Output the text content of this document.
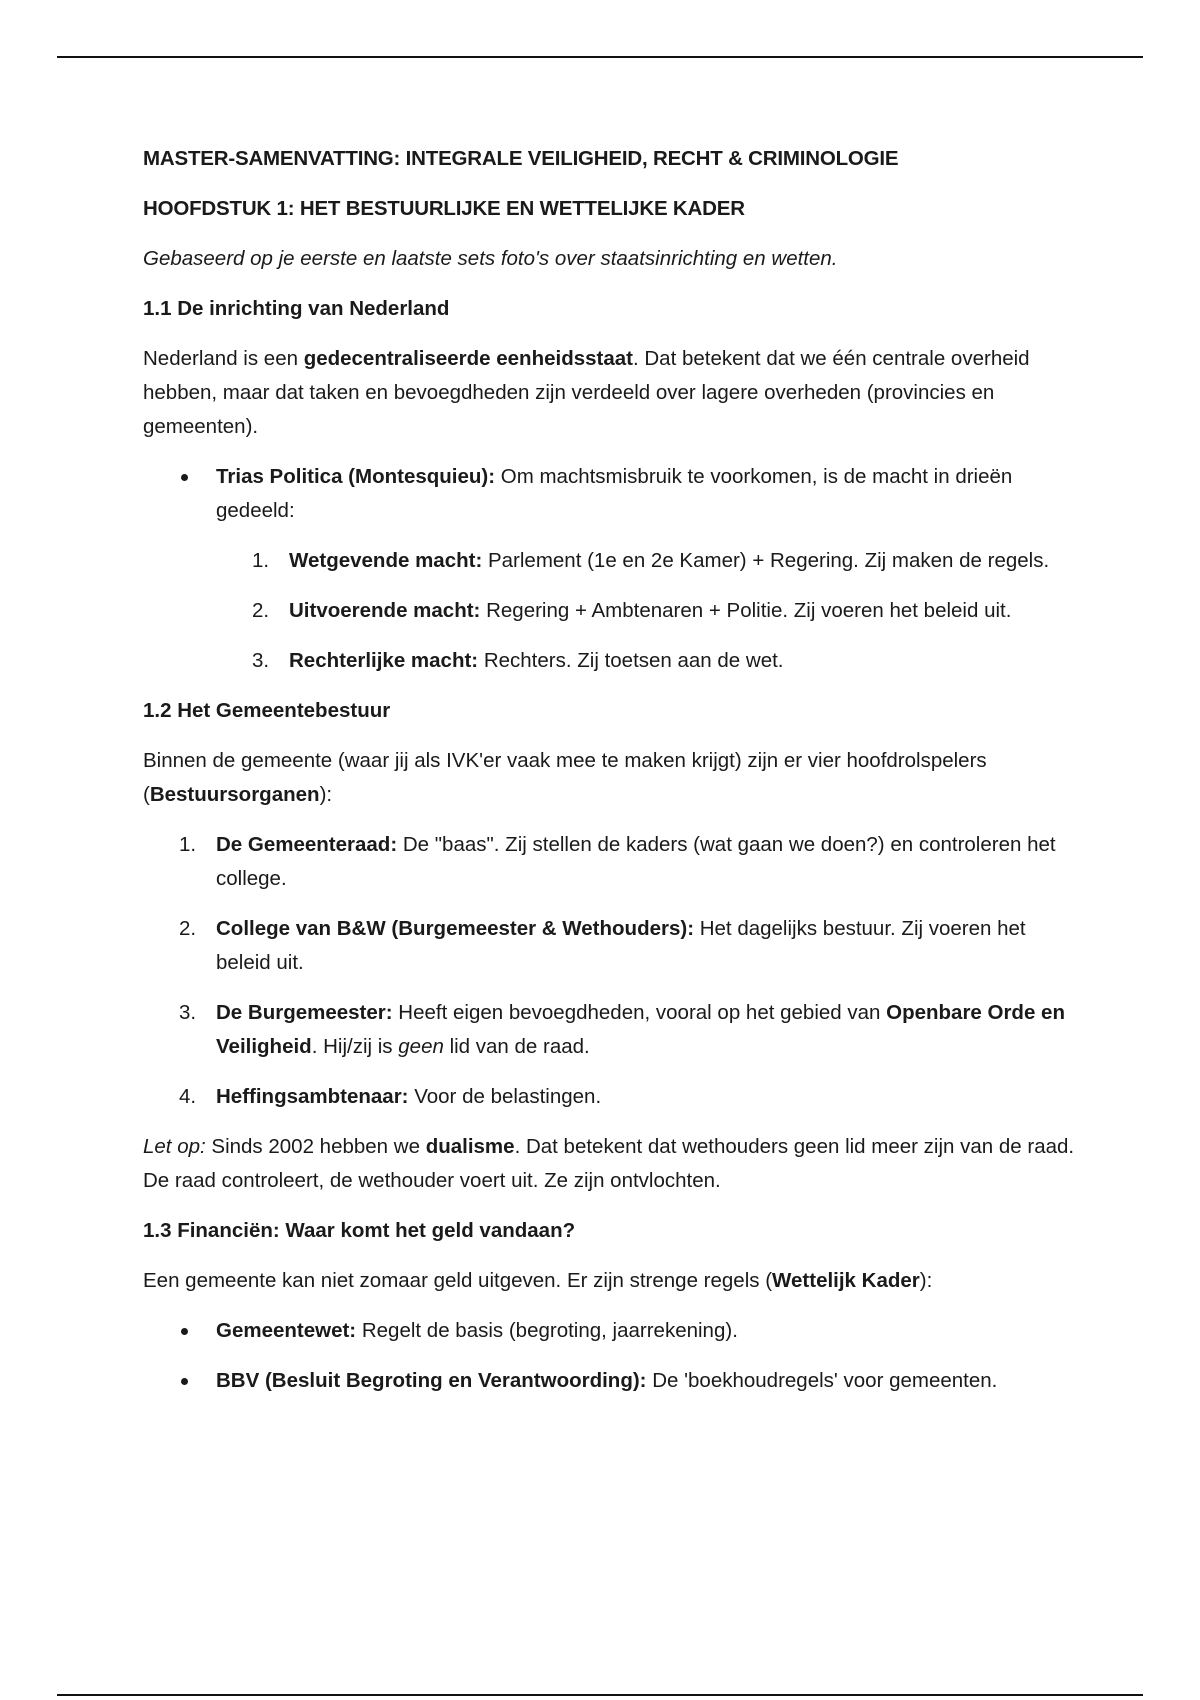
MASTER-SAMENVATTING: INTEGRALE VEILIGHEID, RECHT & CRIMINOLOGIE

HOOFDSTUK 1: HET BESTUURLIJKE EN WETTELIJKE KADER

Gebaseerd op je eerste en laatste sets foto's over staatsinrichting en wetten.

1.1 De inrichting van Nederland

Nederland is een gedecentraliseerde eenheidsstaat. Dat betekent dat we één centrale overheid hebben, maar dat taken en bevoegdheden zijn verdeeld over lagere overheden (provincies en gemeenten).

Trias Politica (Montesquieu): Om machtsmisbruik te voorkomen, is de macht in drieën gedeeld:
1. Wetgevende macht: Parlement (1e en 2e Kamer) + Regering. Zij maken de regels.
2. Uitvoerende macht: Regering + Ambtenaren + Politie. Zij voeren het beleid uit.
3. Rechterlijke macht: Rechters. Zij toetsen aan de wet.

1.2 Het Gemeentebestuur

Binnen de gemeente (waar jij als IVK'er vaak mee te maken krijgt) zijn er vier hoofdrolspelers (Bestuursorganen):

1. De Gemeenteraad: De "baas". Zij stellen de kaders (wat gaan we doen?) en controleren het college.
2. College van B&W (Burgemeester & Wethouders): Het dagelijks bestuur. Zij voeren het beleid uit.
3. De Burgemeester: Heeft eigen bevoegdheden, vooral op het gebied van Openbare Orde en Veiligheid. Hij/zij is geen lid van de raad.
4. Heffingsambtenaar: Voor de belastingen.

Let op: Sinds 2002 hebben we dualisme. Dat betekent dat wethouders geen lid meer zijn van de raad. De raad controleert, de wethouder voert uit. Ze zijn ontvlochten.

1.3 Financiën: Waar komt het geld vandaan?

Een gemeente kan niet zomaar geld uitgeven. Er zijn strenge regels (Wettelijk Kader):

Gemeentewet: Regelt de basis (begroting, jaarrekening).
BBV (Besluit Begroting en Verantwoording): De 'boekhoudregels' voor gemeenten.
